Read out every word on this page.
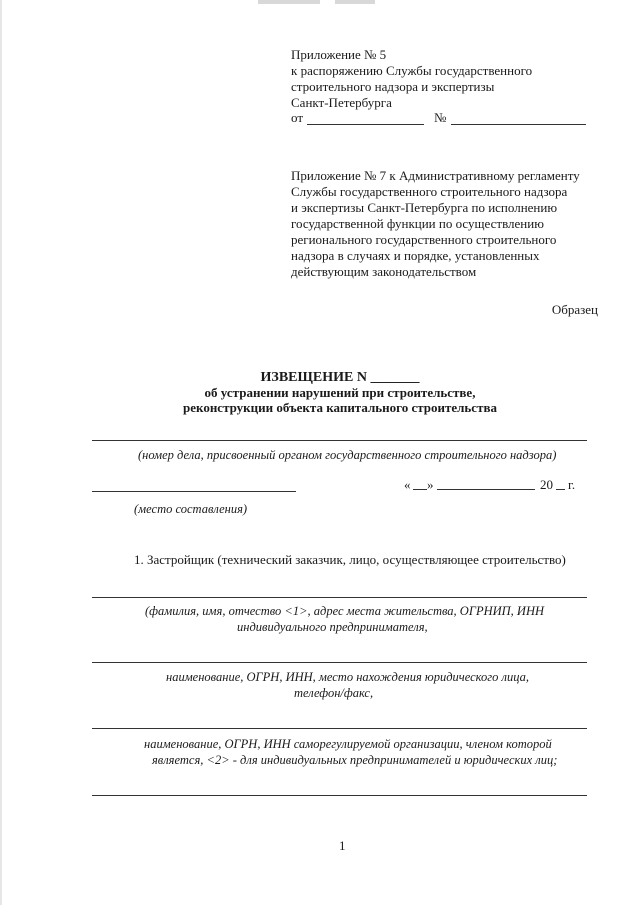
Приложение № 5
к распоряжению Службы государственного
строительного надзора и экспертизы
Санкт-Петербурга
от	№
Приложение № 7 к Административному регламенту
Службы государственного строительного надзора
и экспертизы Санкт-Петербурга по исполнению
государственной функции по осуществлению
регионального государственного строительного
надзора в случаях и порядке, установленных
действующим законодательством
Образец
ИЗВЕЩЕНИЕ N _______
об устранении нарушений при строительстве,
реконструкции объекта капитального строительства
(номер дела, присвоенный органом государственного строительного надзора)
« »	20 г.
(место составления)
1. Застройщик (технический заказчик, лицо, осуществляющее строительство)
(фамилия, имя, отчество <1>, адрес места жительства, ОГРНИП, ИНН
индивидуального предпринимателя,
наименование, ОГРН, ИНН, место нахождения юридического лица,
телефон/факс,
наименование, ОГРН, ИНН саморегулируемой организации, членом которой
является, <2> - для индивидуальных предпринимателей и юридических лиц;
1
